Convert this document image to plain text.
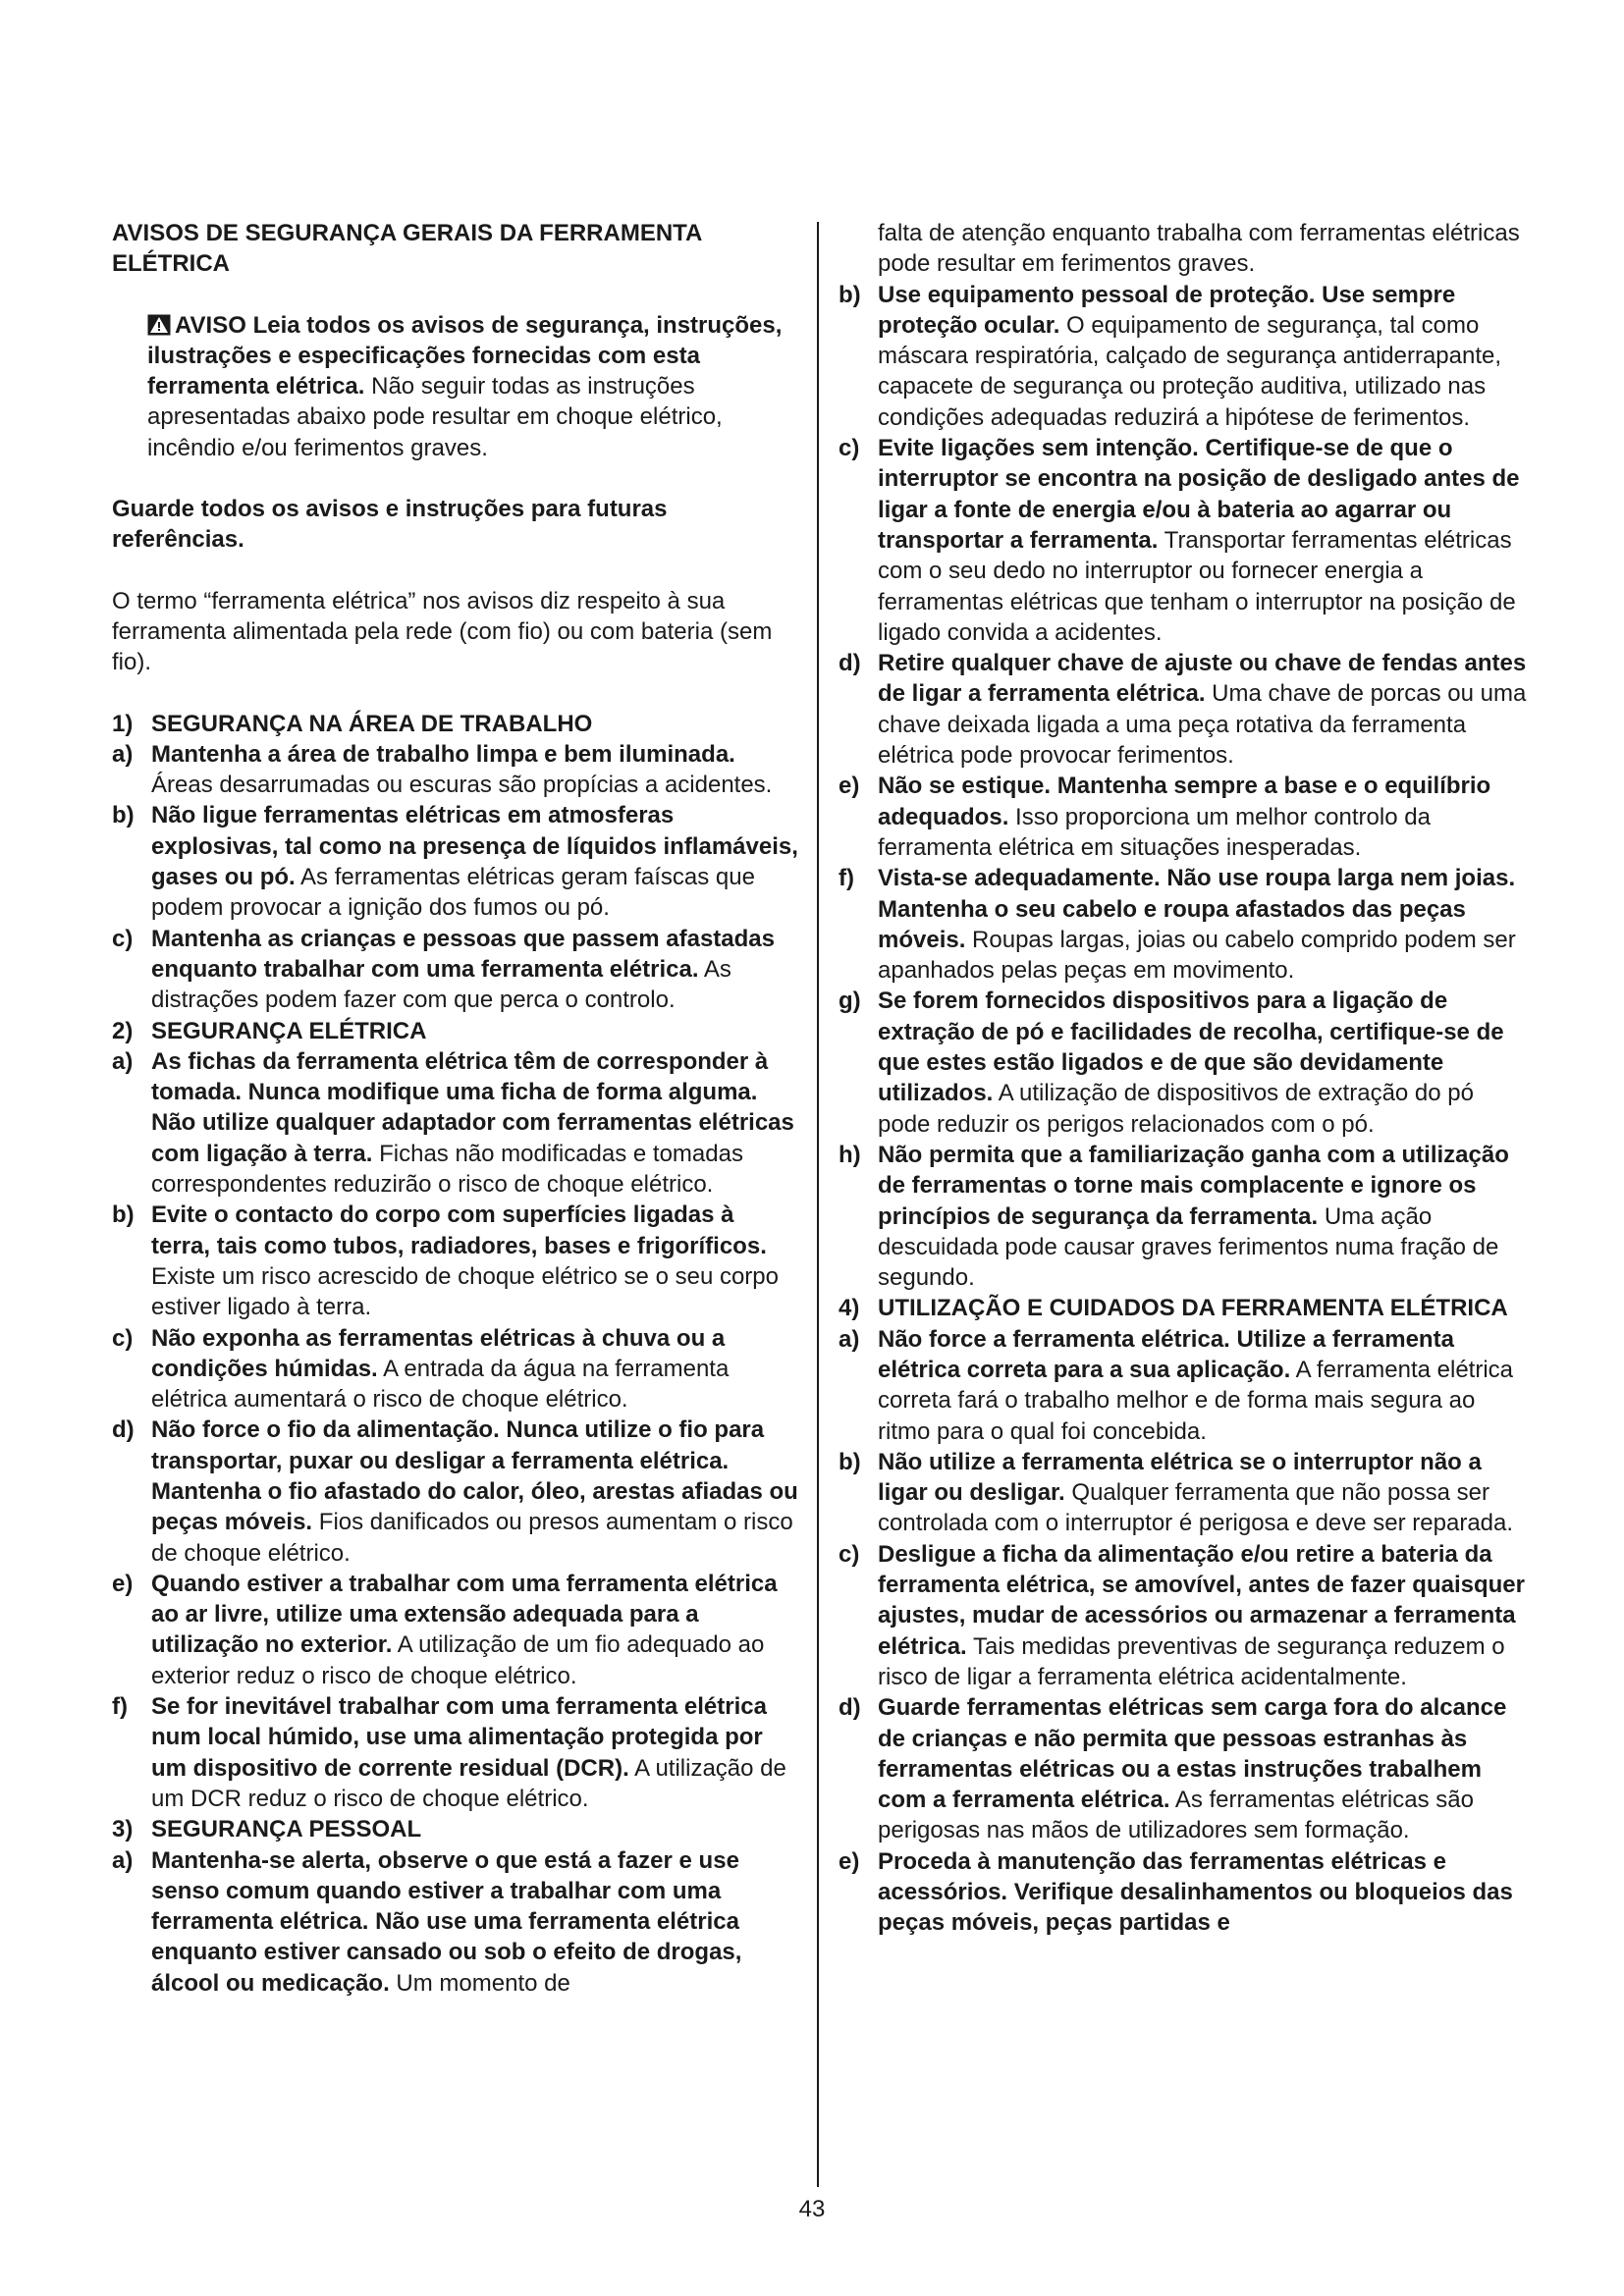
AVISOS DE SEGURANÇA GERAIS DA FERRAMENTA ELÉTRICA

AVISO Leia todos os avisos de segurança, instruções, ilustrações e especificações fornecidas com esta ferramenta elétrica. Não seguir todas as instruções apresentadas abaixo pode resultar em choque elétrico, incêndio e/ou ferimentos graves.

Guarde todos os avisos e instruções para futuras referências.

O termo “ferramenta elétrica” nos avisos diz respeito à sua ferramenta alimentada pela rede (com fio) ou com bateria (sem fio).

1) SEGURANÇA NA ÁREA DE TRABALHO
a) Mantenha a área de trabalho limpa e bem iluminada. Áreas desarrumadas ou escuras são propícias a acidentes.
b) Não ligue ferramentas elétricas em atmosferas explosivas, tal como na presença de líquidos inflamáveis, gases ou pó. As ferramentas elétricas geram faíscas que podem provocar a ignição dos fumos ou pó.
c) Mantenha as crianças e pessoas que passem afastadas enquanto trabalhar com uma ferramenta elétrica. As distrações podem fazer com que perca o controlo.
2) SEGURANÇA ELÉTRICA
a) As fichas da ferramenta elétrica têm de corresponder à tomada. Nunca modifique uma ficha de forma alguma. Não utilize qualquer adaptador com ferramentas elétricas com ligação à terra. Fichas não modificadas e tomadas correspondentes reduzirão o risco de choque elétrico.
b) Evite o contacto do corpo com superfícies ligadas à terra, tais como tubos, radiadores, bases e frigoríficos. Existe um risco acrescido de choque elétrico se o seu corpo estiver ligado à terra.
c) Não exponha as ferramentas elétricas à chuva ou a condições húmidas. A entrada da água na ferramenta elétrica aumentará o risco de choque elétrico.
d) Não force o fio da alimentação. Nunca utilize o fio para transportar, puxar ou desligar a ferramenta elétrica. Mantenha o fio afastado do calor, óleo, arestas afiadas ou peças móveis. Fios danificados ou presos aumentam o risco de choque elétrico.
e) Quando estiver a trabalhar com uma ferramenta elétrica ao ar livre, utilize uma extensão adequada para a utilização no exterior. A utilização de um fio adequado ao exterior reduz o risco de choque elétrico.
f)	Se for inevitável trabalhar com uma ferramenta elétrica num local húmido, use uma alimentação protegida por um dispositivo de corrente residual (DCR). A utilização de um DCR reduz o risco de choque elétrico.
3) SEGURANÇA PESSOAL
a) Mantenha-se alerta, observe o que está a fazer e use senso comum quando estiver a trabalhar com uma ferramenta elétrica. Não use uma ferramenta elétrica enquanto estiver cansado ou sob o efeito de drogas, álcool ou medicação. Um momento de

falta de atenção enquanto trabalha com ferramentas elétricas pode resultar em ferimentos graves.

b) Use equipamento pessoal de proteção. Use sempre proteção ocular. O equipamento de segurança, tal como máscara respiratória, calçado de segurança antiderrapante, capacete de segurança ou proteção auditiva, utilizado nas condições adequadas reduzirá a hipótese de ferimentos.
c) Evite ligações sem intenção. Certifique-se de que o interruptor se encontra na posição de desligado antes de ligar a fonte de energia e/ou à bateria ao agarrar ou transportar a ferramenta. Transportar ferramentas elétricas com o seu dedo no interruptor ou fornecer energia a ferramentas elétricas que tenham o interruptor na posição de ligado convida a acidentes.
d) Retire qualquer chave de ajuste ou chave de fendas antes de ligar a ferramenta elétrica. Uma chave de porcas ou uma chave deixada ligada a uma peça rotativa da ferramenta elétrica pode provocar ferimentos.
e) Não se estique. Mantenha sempre a base e o equilíbrio adequados. Isso proporciona um melhor controlo da ferramenta elétrica em situações inesperadas.
f)	Vista-se adequadamente. Não use roupa larga nem joias. Mantenha o seu cabelo e roupa afastados das peças móveis. Roupas largas, joias ou cabelo comprido podem ser apanhados pelas peças em movimento.
g) Se forem fornecidos dispositivos para a ligação de extração de pó e facilidades de recolha, certifique-se de que estes estão ligados e de que são devidamente utilizados. A utilização de dispositivos de extração do pó pode reduzir os perigos relacionados com o pó.
h) Não permita que a familiarização ganha com a utilização de ferramentas o torne mais complacente e ignore os princípios de segurança da ferramenta. Uma ação descuidada pode causar graves ferimentos numa fração de segundo.
4) UTILIZAÇÃO E CUIDADOS DA FERRAMENTA ELÉTRICA
a) Não force a ferramenta elétrica. Utilize a ferramenta elétrica correta para a sua aplicação. A ferramenta elétrica correta fará o trabalho melhor e de forma mais segura ao ritmo para o qual foi concebida.
b) Não utilize a ferramenta elétrica se o interruptor não a ligar ou desligar. Qualquer ferramenta que não possa ser controlada com o interruptor é perigosa e deve ser reparada.
c) Desligue a ficha da alimentação e/ou retire a bateria da ferramenta elétrica, se amovível, antes de fazer quaisquer ajustes, mudar de acessórios ou armazenar a ferramenta elétrica. Tais medidas preventivas de segurança reduzem o risco de ligar a ferramenta elétrica acidentalmente.
d) Guarde ferramentas elétricas sem carga fora do alcance de crianças e não permita que pessoas estranhas às ferramentas elétricas ou a estas instruções trabalhem com a ferramenta elétrica. As ferramentas elétricas são perigosas nas mãos de utilizadores sem formação.
e) Proceda à manutenção das ferramentas elétricas e acessórios. Verifique desalinhamentos ou bloqueios das peças móveis, peças partidas e
43
